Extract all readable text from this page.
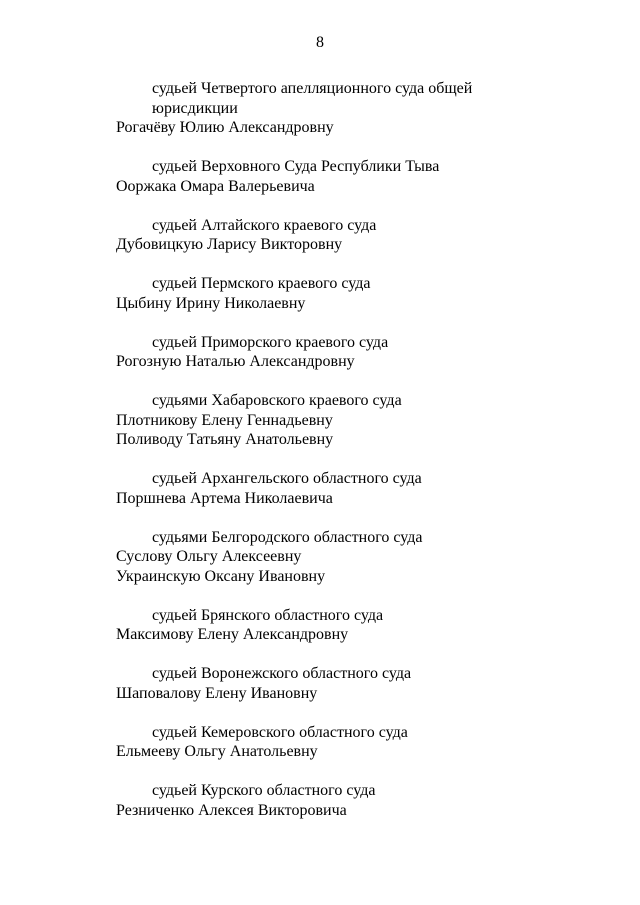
8
судьей Четвертого апелляционного суда общей юрисдикции
Рогачёву Юлию Александровну
судьей Верховного Суда Республики Тыва
Ооржака Омара Валерьевича
судьей Алтайского краевого суда
Дубовицкую Ларису Викторовну
судьей Пермского краевого суда
Цыбину Ирину Николаевну
судьей Приморского краевого суда
Рогозную Наталью Александровну
судьями Хабаровского краевого суда
Плотникову Елену Геннадьевну
Поливоду Татьяну Анатольевну
судьей Архангельского областного суда
Поршнева Артема Николаевича
судьями Белгородского областного суда
Суслову Ольгу Алексеевну
Украинскую Оксану Ивановну
судьей Брянского областного суда
Максимову Елену Александровну
судьей Воронежского областного суда
Шаповалову Елену Ивановну
судьей Кемеровского областного суда
Ельмееву Ольгу Анатольевну
судьей Курского областного суда
Резниченко Алексея Викторовича
